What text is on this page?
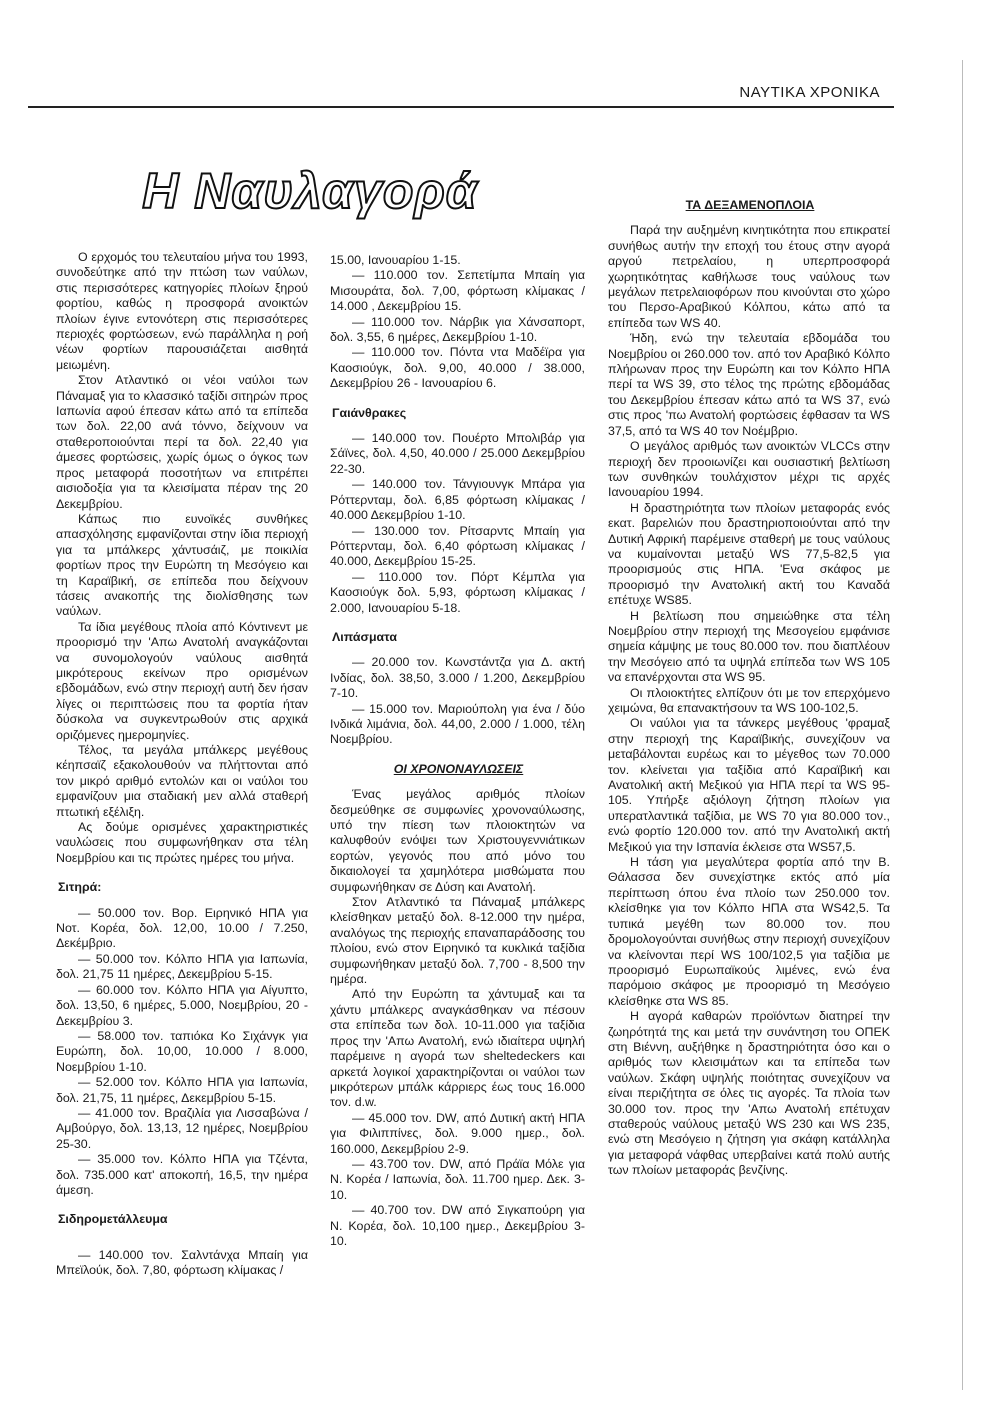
ΝΑΥΤΙΚΑ ΧΡΟΝΙΚΑ
Η Ναυλαγορά

Ο ερχομός του τελευταίου μήνα του 1993, συνοδεύτηκε από την πτώση των ναύλων, στις περισσότερες κατηγορίες πλοίων ξηρού φορτίου, καθώς η προσφορά ανοικτών πλοίων έγινε εντονότερη στις περισσότερες περιοχές φορτώσεων, ενώ παράλληλα η ροή νέων φορτίων παρουσιάζεται αισθητά μειωμένη.

Στον Ατλαντικό οι νέοι ναύλοι των Πάναμαξ για το κλασσικό ταξίδι σιτηρών προς Ιαπωνία αφού έπεσαν κάτω από τα επίπεδα των δολ. 22,00 ανά τόννο, δείχνουν να σταθεροποιούνται περί τα δολ. 22,40 για άμεσες φορτώσεις, χωρίς όμως ο όγκος των προς μεταφορά ποσοτήτων να επιτρέπει αισιοδοξία για τα κλεισίματα πέραν της 20 Δεκεμβρίου.

Κάπως πιο ευνοϊκές συνθήκες απασχόλησης εμφανίζονται στην ίδια περιοχή για τα μπάλκερς χάντυσάιζ, με ποικιλία φορτίων προς την Ευρώπη τη Μεσόγειο και τη Καραϊβική, σε επίπεδα που δείχνουν τάσεις ανακοπής της διολίσθησης των ναύλων.

Τα ίδια μεγέθους πλοία από Κόντινεντ με προορισμό την 'Απω Ανατολή αναγκάζονται να συνομολογούν ναύλους αισθητά μικρότερους εκείνων προ ορισμένων εβδομάδων, ενώ στην περιοχή αυτή δεν ήσαν λίγες οι περιπτώσεις που τα φορτία ήταν δύσκολα να συγκεντρωθούν στις αρχικά οριζόμενες ημερομηνίες.

Τέλος, τα μεγάλα μπάλκερς μεγέθους κέηπσαϊζ εξακολουθούν να πλήττονται από τον μικρό αριθμό εντολών και οι ναύλοι του εμφανίζουν μια σταδιακή μεν αλλά σταθερή πτωτική εξέλιξη.

Ας δούμε ορισμένες χαρακτηριστικές ναυλώσεις που συμφωνήθηκαν στα τέλη Νοεμβρίου και τις πρώτες ημέρες του μήνα.

Σιτηρά:

— 50.000 τον. Βορ. Ειρηνικό ΗΠΑ για Νοτ. Κορέα, δολ. 12,00, 10.00 / 7.250, Δεκέμβριο.

— 50.000 τον. Κόλπο ΗΠΑ για Ιαπωνία, δολ. 21,75 11 ημέρες, Δεκεμβρίου 5-15.

— 60.000 τον. Κόλπο ΗΠΑ για Αίγυπτο, δολ. 13,50, 6 ημέρες, 5.000, Νοεμβρίου, 20 - Δεκεμβρίου 3.

— 58.000 τον. ταπιόκα Κο Σιχάνγκ για Ευρώπη, δολ. 10,00, 10.000 / 8.000, Νοεμβρίου 1-10.

— 52.000 τον. Κόλπο ΗΠΑ για Ιαπωνία, δολ. 21,75, 11 ημέρες, Δεκεμβρίου 5-15.

— 41.000 τον. Βραζιλία για Λισσαβώνα / Αμβούργο, δολ. 13,13, 12 ημέρες, Νοεμβρίου 25-30.

— 35.000 τον. Κόλπο ΗΠΑ για Τζέντα, δολ. 735.000 κατ' αποκοπή, 16,5, την ημέρα άμεση.

Σιδηρομετάλλευμα

— 140.000 τον. Σαλντάνχα Μπαίη για Μπεϊλούκ, δολ. 7,80, φόρτωση κλίμακας /

15.00, Ιανουαρίου 1-15.

— 110.000 τον. Σεπετίμπα Μπαίη για Μισουράτα, δολ. 7,00, φόρτωση κλίμακας / 14.000 , Δεκεμβρίου 15.

— 110.000 τον. Νάρβικ για Χάνσαπορτ, δολ. 3,55, 6 ημέρες, Δεκεμβρίου 1-10.

— 110.000 τον. Πόντα ντα Μαδέϊρα για Καοσιούγκ, δολ. 9,00, 40.000 / 38.000, Δεκεμβρίου 26 - Ιανουαρίου 6.

Γαιάνθρακες

— 140.000 τον. Πουέρτο Μπολιβάρ για Σάϊνες, δολ. 4,50, 40.000 / 25.000 Δεκεμβρίου 22-30.

— 140.000 τον. Τάνγιουνγκ Μπάρα για Ρόττερνταμ, δολ. 6,85 φόρτωση κλίμακας / 40.000 Δεκεμβρίου 1-10.

— 130.000 τον. Ρίτσαρντς Μπαίη για Ρόττερνταμ, δολ. 6,40 φόρτωση κλίμακας / 40.000, Δεκεμβρίου 15-25.

— 110.000 τον. Πόρτ Κέμπλα για Καοσιούγκ δολ. 5,93, φόρτωση κλίμακας / 2.000, Ιανουαρίου 5-18.

Λιπάσματα

— 20.000 τον. Κωνστάντζα για Δ. ακτή Ινδίας, δολ. 38,50, 3.000 / 1.200, Δεκεμβρίου 7-10.

— 15.000 τον. Μαριούπολη για ένα / δύο Ινδικά λιμάνια, δολ. 44,00, 2.000 / 1.000, τέλη Νοεμβρίου.

ΟΙ ΧΡΟΝΟΝΑΥΛΩΣΕΙΣ

Ένας μεγάλος αριθμός πλοίων δεσμεύθηκε σε συμφωνίες χρονοναύλωσης, υπό την πίεση των πλοιοκτητών να καλυφθούν ενόψει των Χριστουγεννιάτικων εορτών, γεγονός που από μόνο του δικαιολογεί τα χαμηλότερα μισθώματα που συμφωνήθηκαν σε Δύση και Ανατολή.

Στον Ατλαντικό τα Πάναμαξ μπάλκερς κλείσθηκαν μεταξύ δολ. 8-12.000 την ημέρα, αναλόγως της περιοχής επαναπαράδοσης του πλοίου, ενώ στον Ειρηνικό τα κυκλικά ταξίδια συμφωνήθηκαν μεταξύ δολ. 7,700 - 8,500 την ημέρα.

Από την Ευρώπη τα χάντυμαξ και τα χάντυ μπάλκερς αναγκάσθηκαν να πέσουν στα επίπεδα των δολ. 10-11.000 για ταξίδια προς την 'Απω Ανατολή, ενώ ιδιαίτερα υψηλή παρέμεινε η αγορά των sheltedeckers και αρκετά λογικοί χαρακτηρίζονται οι ναύλοι των μικρότερων μπάλκ κάρριερς έως τους 16.000 τον. d.w.

— 45.000 τον. DW, από Δυτική ακτή ΗΠΑ για Φιλιππίνες, δολ. 9.000 ημερ., δολ. 160.000, Δεκεμβρίου 2-9.

— 43.700 τον. DW, από Πράϊα Μόλε για Ν. Κορέα / Ιαπωνία, δολ. 11.700 ημερ. Δεκ. 3-10.

— 40.700 τον. DW από Σιγκαπούρη για Ν. Κορέα, δολ. 10,100 ημερ., Δεκεμβρίου 3-10.

ΤΑ ΔΕΞΑΜΕΝΟΠΛΟΙΑ

Παρά την αυξημένη κινητικότητα που επικρατεί συνήθως αυτήν την εποχή του έτους στην αγορά αργού πετρελαίου, η υπερπροσφορά χωρητικότητας καθήλωσε τους ναύλους των μεγάλων πετρελαιοφόρων που κινούνται στο χώρο του Περσο-Αραβικού Κόλπου, κάτω από τα επίπεδα των WS 40.

Ήδη, ενώ την τελευταία εβδομάδα του Νοεμβρίου οι 260.000 τον. από τον Αραβικό Κόλπο πλήρωναν προς την Ευρώπη και τον Κόλπο ΗΠΑ περί τα WS 39, στο τέλος της πρώτης εβδομάδας του Δεκεμβρίου έπεσαν κάτω από τα WS 37, ενώ στις προς 'πω Ανατολή φορτώσεις έφθασαν τα WS 37,5, από τα WS 40 τον Νοέμβριο.

Ο μεγάλος αριθμός των ανοικτών VLCCs στην περιοχή δεν προοιωνίζει και ουσιαστική βελτίωση των συνθηκών τουλάχιστον μέχρι τις αρχές Ιανουαρίου 1994.

Η δραστηριότητα των πλοίων μεταφοράς ενός εκατ. βαρελιών που δραστηριοποιούνται από την Δυτική Αφρική παρέμεινε σταθερή με τους ναύλους να κυμαίνονται μεταξύ WS 77,5-82,5 για προορισμούς στις ΗΠΑ. 'Ενα σκάφος με προορισμό την Ανατολική ακτή του Καναδά επέτυχε WS85.

Η βελτίωση που σημειώθηκε στα τέλη Νοεμβρίου στην περιοχή της Μεσογείου εμφάνισε σημεία κάμψης με τους 80.000 τον. που διαπλέουν την Μεσόγειο από τα υψηλά επίπεδα των WS 105 να επανέρχονται στα WS 95.

Οι πλοιοκτήτες ελπίζουν ότι με τον επερχόμενο χειμώνα, θα επανακτήσουν τα WS 100-102,5.

Οι ναύλοι για τα τάνκερς μεγέθους 'φραμαξ στην περιοχή της Καραϊβικής, συνεχίζουν να μεταβάλονται ευρέως και το μέγεθος των 70.000 τον. κλείνεται για ταξίδια από Καραϊβική και Ανατολική ακτή Μεξικού για ΗΠΑ περί τα WS 95-105. Υπήρξε αξιόλογη ζήτηση πλοίων για υπερατλαντικά ταξίδια, με WS 70 για 80.000 τον., ενώ φορτίο 120.000 τον. από την Ανατολική ακτή Μεξικού για την Ισπανία έκλεισε στα WS57,5.

Η τάση για μεγαλύτερα φορτία από την Β. Θάλασσα δεν συνεχίστηκε εκτός από μία περίπτωση όπου ένα πλοίο των 250.000 τον. κλείσθηκε για τον Κόλπο ΗΠΑ στα WS42,5. Τα τυπικά μεγέθη των 80.000 τον. που δρομολογούνται συνήθως στην περιοχή συνεχίζουν να κλείνονται περί WS 100/102,5 για ταξίδια με προορισμό Ευρωπαϊκούς λιμένες, ενώ ένα παρόμοιο σκάφος με προορισμό τη Μεσόγειο κλείσθηκε στα WS 85.

Η αγορά καθαρών προϊόντων διατηρεί την ζωηρότητά της και μετά την συνάντηση του ΟΠΕΚ στη Βιέννη, αυξήθηκε η δραστηριότητα όσο και ο αριθμός των κλεισιμάτων και τα επίπεδα των ναύλων. Σκάφη υψηλής ποιότητας συνεχίζουν να είναι περιζήτητα σε όλες τις αγορές. Τα πλοία των 30.000 τον. προς την 'Απω Ανατολή επέτυχαν σταθερούς ναύλους μεταξύ WS 230 και WS 235, ενώ στη Μεσόγειο η ζήτηση για σκάφη κατάλληλα για μεταφορά νάφθας υπερβαίνει κατά πολύ αυτής των πλοίων μεταφοράς βενζίνης.
